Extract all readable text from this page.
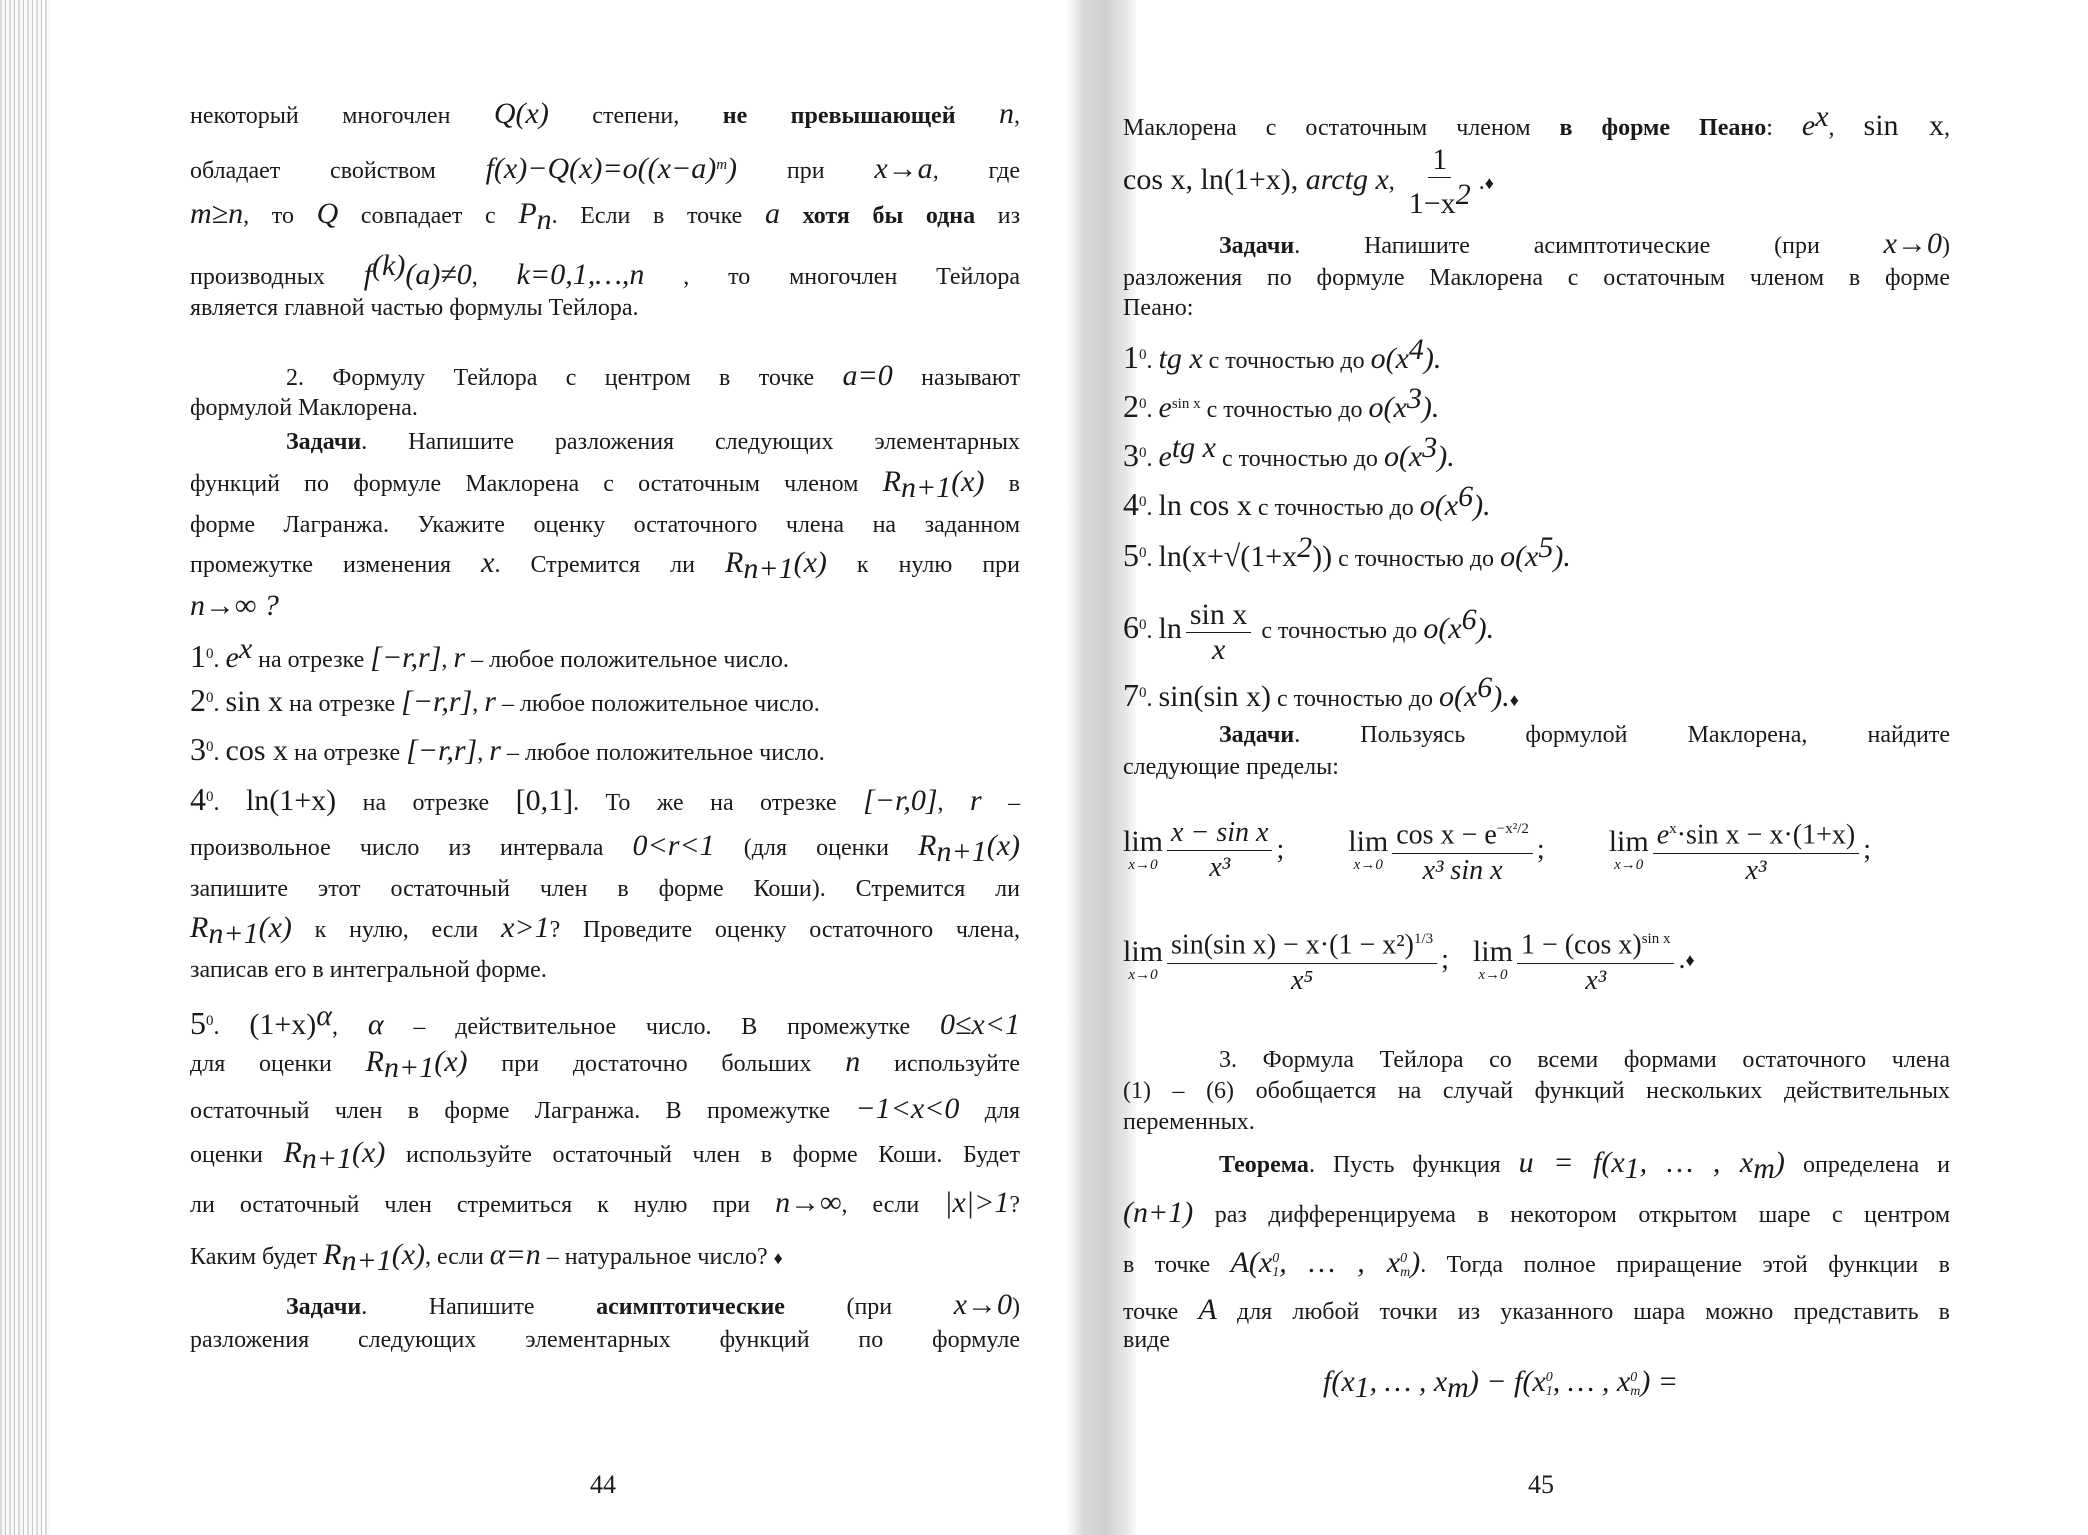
некоторый многочлен Q(x) степени, не превышающей n,
обладает свойством $f(x)-Q(x)=o((x-a)^m)$ при x→a, где
m≥n, то Q совпадает с $P_n$. Если в точке a хотя бы одна из
производных $f^{(k)}(a)\ne 0$, k=0,1,…,n , то многочлен Тейлора
является главной частью формулы Тейлора.
2. Формулу Тейлора с центром в точке a=0 называют
формулой Маклорена.
Задачи. Напишите разложения следующих элементарных
функций по формуле Маклорена с остаточным членом $R_{n+1}(x)$ в
форме Лагранжа. Укажите оценку остаточного члена на заданном
промежутке изменения x. Стремится ли $R_{n+1}(x)$ к нулю при
n→∞ ?
$1^0$. $e^x$ на отрезке [−r,r], r – любое положительное число.
$2^0$. sin x на отрезке [−r,r], r – любое положительное число.
$3^0$. cos x на отрезке [−r,r], r – любое положительное число.
$4^0$. ln(1+x) на отрезке [0,1]. То же на отрезке [−r,0], r –
произвольное число из интервала 0<r<1 (для оценки $R_{n+1}(x)$
запишите этот остаточный член в форме Коши). Стремится ли
$R_{n+1}(x)$ к нулю, если x>1? Проведите оценку остаточного члена,
записав его в интегральной форме.
$5^0$. $(1+x)^\alpha$, α – действительное число. В промежутке 0≤x<1
для оценки $R_{n+1}(x)$ при достаточно больших n используйте
остаточный член в форме Лагранжа. В промежутке −1<x<0 для
оценки $R_{n+1}(x)$ используйте остаточный член в форме Коши. Будет
ли остаточный член стремиться к нулю при n→∞, если |x|>1?
Каким будет $R_{n+1}(x)$, если α=n – натуральное число? ♦
Задачи. Напишите	асимптотические	(при x→0)
разложения следующих элементарных функций по формуле
44
Маклорена с остаточным членом в форме Пеано: $e^x$, sin x,
cos x, ln(1+x), arctg x, $\frac{1}{1-x^2}$ .♦
Задачи. Напишите асимптотические	(при x→0)
разложения по формуле Маклорена с остаточным членом в форме
Пеано:
$1^0$. tg x с точностью до $o(x^4)$.
$2^0$. $e^{sin x}$ с точностью до $o(x^3)$.
$3^0$. $e^{tg x}$ с точностью до $o(x^3)$.
$4^0$. ln cos x с точностью до $o(x^6)$.
$5^0$. $\ln(x+√(1+x^2))$ с точностью до $o(x^5)$.
$6^0$. $\ln \frac{\text{sin x}}{x}$ с точностью до $o(x^6)$.
$7^0$. sin(sin x) с точностью до $o(x^6).♦$
Задачи. Пользуясь	формулой	Маклорена,	найдите
следующие пределы:
lim
$x\to 0 \frac{\text{x − sin x}}{\text{x³}}$ ; lim
$x\to 0 \frac{\cos x - e^{-x^2/2}}{\text{x³ sin x}}$ ; lim
$x\to 0 \frac{e^x\cdot\sin x - x\cdot(1+x)}{\text{x³}}$ ;
lim
$x\to 0 \frac{\sin(\sin x) - x\cdot(1 - x^2)^{1/3}}{\text{x⁵}}$ ; lim
$x\to 0 \frac{1 - (\cos x)^{sin x}}{\text{x³}}$ . ♦
3. Формула Тейлора со всеми формами остаточного члена
(1) – (6) обобщается на случай функций нескольких действительных
переменных.
Теорема. Пусть функция $u = f(x_1$, … , $x_m$) определена и
(n+1) раз дифференцируема в некотором открытом шаре с центром
в точке A(x 0
1 , … , x 0
m ). Тогда полное приращение этой функции в
точке A для любой точки из указанного шара можно представить в
виде
$f(x_1$, … , $x_m) - f(x$ 0
1 , … , x 0
m ) =
45
